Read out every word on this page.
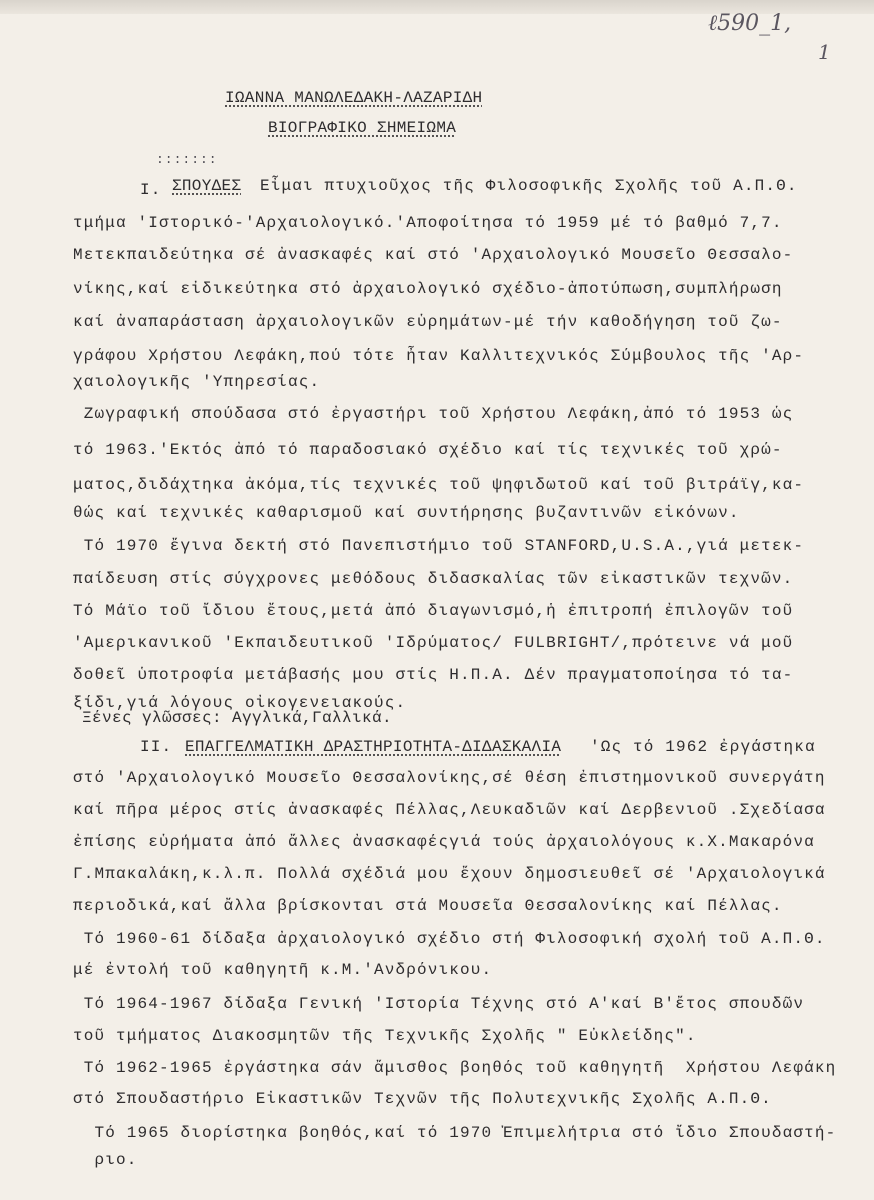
ℓ590_1,
1
ΙΩΑΝΝΑ ΜΑΝΩΛΕΔΑΚΗ-ΛΑΖΑΡΙΔΗ
ΒΙΟΓΡΑΦΙΚΟ ΣΗΜΕΙΩΜΑ
:::::::
I. ΣΠΟΥΔΕΣ Εἶμαι πτυχιοῦχος τῆς Φιλοσοφικῆς Σχολῆς τοῦ Α.Π.Θ.
τμήμα 'Ιστορικό-'Αρχαιολογικό.'Αποφοίτησα τό 1959 μέ τό βαθμό 7,7.
Μετεκπαιδεύτηκα σέ ἀνασκαφές καί στό 'Αρχαιολογικό Μουσεῖο Θεσσαλο-
νίκης,καί εἰδικεύτηκα στό ἀρχαιολογικό σχέδιο-ἀποτύπωση,συμπλήρωση
καί ἀναπαράσταση ἀρχαιολογικῶν εὑρημάτων-μέ τήν καθοδήγηση τοῦ ζω-
γράφου Χρήστου Λεφάκη,πού τότε ἦταν Καλλιτεχνικός Σύμβουλος τῆς 'Αρ-
χαιολογικῆς 'Υπηρεσίας.
Ζωγραφική σπούδασα στό ἐργαστήρι τοῦ Χρήστου Λεφάκη,ἀπό τό 1953 ὡς
τό 1963.'Εκτός ἀπό τό παραδοσιακό σχέδιο καί τίς τεχνικές τοῦ χρώ-
ματος,διδάχτηκα ἀκόμα,τίς τεχνικές τοῦ ψηφιδωτοῦ καί τοῦ βιτράϊγ,κα-
θώς καί τεχνικές καθαρισμοῦ καί συντήρησης βυζαντινῶν εἰκόνων.
Τό 1970 ἔγινα δεκτή στό Πανεπιστήμιο τοῦ STANFORD,U.S.A.,γιά μετεκ-
παίδευση στίς σύγχρονες μεθόδους διδασκαλίας τῶν εἰκαστικῶν τεχνῶν.
Τό Μάϊο τοῦ ἴδιου ἔτους,μετά ἀπό διαγωνισμό,ἡ ἐπιτροπή ἐπιλογῶν τοῦ
'Αμερικανικοῦ 'Εκπαιδευτικοῦ 'Ιδρύματος/ FULBRIGHT/,πρότεινε νά μοῦ
δοθεῖ ὑποτροφία μετάβασής μου στίς Η.Π.Α. Δέν πραγματοποίησα τό τα-
ξίδι,γιά λόγους οἰκογενειακούς.
Ξένες γλῶσσες: Αγγλικά,Γαλλικά.
II. ΕΠΑΓΓΕΛΜΑΤΙΚΗ ΔΡΑΣΤΗΡΙΟΤΗΤΑ-ΔΙΔΑΣΚΑΛΙΑ 'Ως τό 1962 ἐργάστηκα
στό 'Αρχαιολογικό Μουσεῖο Θεσσαλονίκης,σέ θέση ἐπιστημονικοῦ συνεργάτη
καί πῆρα μέρος στίς ἀνασκαφές Πέλλας,Λευκαδιῶν καί Δερβενιοῦ .Σχεδίασα
ἐπίσης εὑρήματα ἀπό ἄλλες ἀνασκαφέςγιά τούς ἀρχαιολόγους κ.Χ.Μακαρόνα
Γ.Μπακαλάκη,κ.λ.π. Πολλά σχέδιά μου ἔχουν δημοσιευθεῖ σέ 'Αρχαιολογικά
περιοδικά,καί ἄλλα βρίσκονται στά Μουσεῖα Θεσσαλονίκης καί Πέλλας.
Τό 1960-61 δίδαξα ἀρχαιολογικό σχέδιο στή Φιλοσοφική σχολή τοῦ Α.Π.Θ.
μέ ἐντολή τοῦ καθηγητῆ κ.Μ.'Ανδρόνικου.
Τό 1964-1967 δίδαξα Γενική 'Ιστορία Τέχνης στό Α'καί Β'ἔτος σπουδῶν
τοῦ τμήματος Διακοσμητῶν τῆς Τεχνικῆς Σχολῆς " Εὐκλείδης".
Τό 1962-1965 ἐργάστηκα σάν ἄμισθος βοηθός τοῦ καθηγητῆ  Χρήστου Λεφάκη
στό Σπουδαστήριο Εἰκαστικῶν Τεχνῶν τῆς Πολυτεχνικῆς Σχολῆς Α.Π.Θ.
Τό 1965 διορίστηκα βοηθός,καί τό 1970 Ἐπιμελήτρια στό ἴδιο Σπουδαστή-
ριο.
